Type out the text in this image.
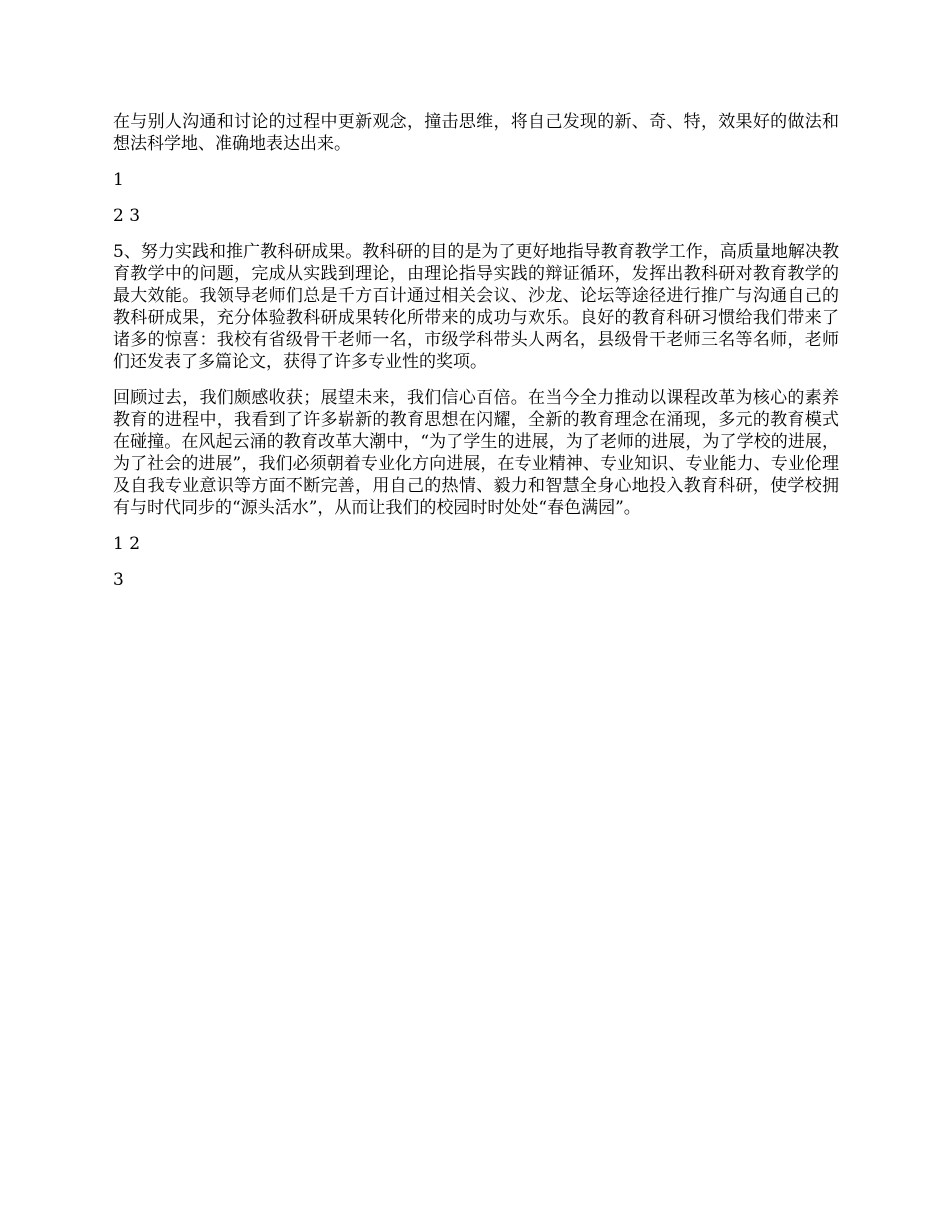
在与别人沟通和讨论的过程中更新观念，撞击思维，将自己发现的新、奇、特，效果好的做法和想法科学地、准确地表达出来。

1

2 3

5、努力实践和推广教科研成果。教科研的目的是为了更好地指导教育教学工作，高质量地解决教育教学中的问题，完成从实践到理论，由理论指导实践的辩证循环，发挥出教科研对教育教学的最大效能。我领导老师们总是千方百计通过相关会议、沙龙、论坛等途径进行推广与沟通自己的教科研成果，充分体验教科研成果转化所带来的成功与欢乐。良好的教育科研习惯给我们带来了诸多的惊喜：我校有省级骨干老师一名，市级学科带头人两名，县级骨干老师三名等名师，老师们还发表了多篇论文，获得了许多专业性的奖项。

回顾过去，我们颇感收获；展望未来，我们信心百倍。在当今全力推动以课程改革为核心的素养教育的进程中，我看到了许多崭新的教育思想在闪耀，全新的教育理念在涌现，多元的教育模式在碰撞。在风起云涌的教育改革大潮中，“为了学生的进展，为了老师的进展，为了学校的进展，为了社会的进展”，我们必须朝着专业化方向进展，在专业精神、专业知识、专业能力、专业伦理及自我专业意识等方面不断完善，用自己的热情、毅力和智慧全身心地投入教育科研，使学校拥有与时代同步的“源头活水”，从而让我们的校园时时处处“春色满园”。

1 2

3
